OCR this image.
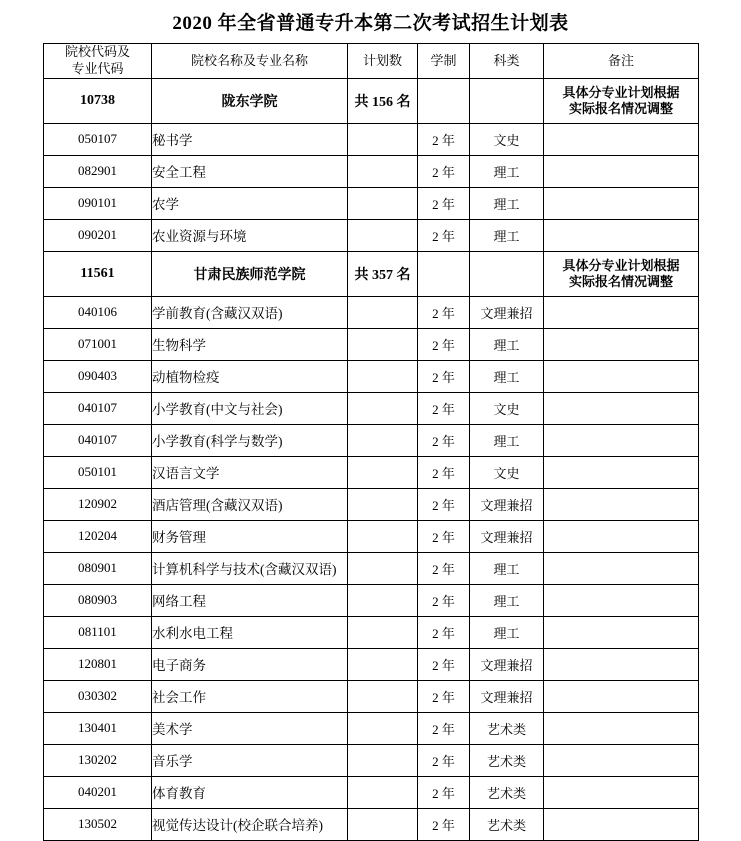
2020 年全省普通专升本第二次考试招生计划表
院校代码及
专业代码	院校名称及专业名称	计划数	学制	科类	备注
10738	陇东学院	共 156 名			具体分专业计划根据
实际报名情况调整

050107	秘书学		2 年	文史	
082901	安全工程		2 年	理工	
090101	农学		2 年	理工	
090201	农业资源与环境		2 年	理工	
11561	甘肃民族师范学院	共 357 名			具体分专业计划根据
实际报名情况调整

040106	学前教育(含藏汉双语)		2 年	文理兼招	
071001	生物科学		2 年	理工	
090403	动植物检疫		2 年	理工	
040107	小学教育(中文与社会)		2 年	文史	
040107	小学教育(科学与数学)		2 年	理工	
050101	汉语言文学		2 年	文史	
120902	酒店管理(含藏汉双语)		2 年	文理兼招	
120204	财务管理		2 年	文理兼招	
080901	计算机科学与技术(含藏汉双语)		2 年	理工	
080903	网络工程		2 年	理工	
081101	水利水电工程		2 年	理工	
120801	电子商务		2 年	文理兼招	
030302	社会工作		2 年	文理兼招	
130401	美术学		2 年	艺术类	
130202	音乐学		2 年	艺术类	
040201	体育教育		2 年	艺术类	
130502	视觉传达设计(校企联合培养)		2 年	艺术类	
